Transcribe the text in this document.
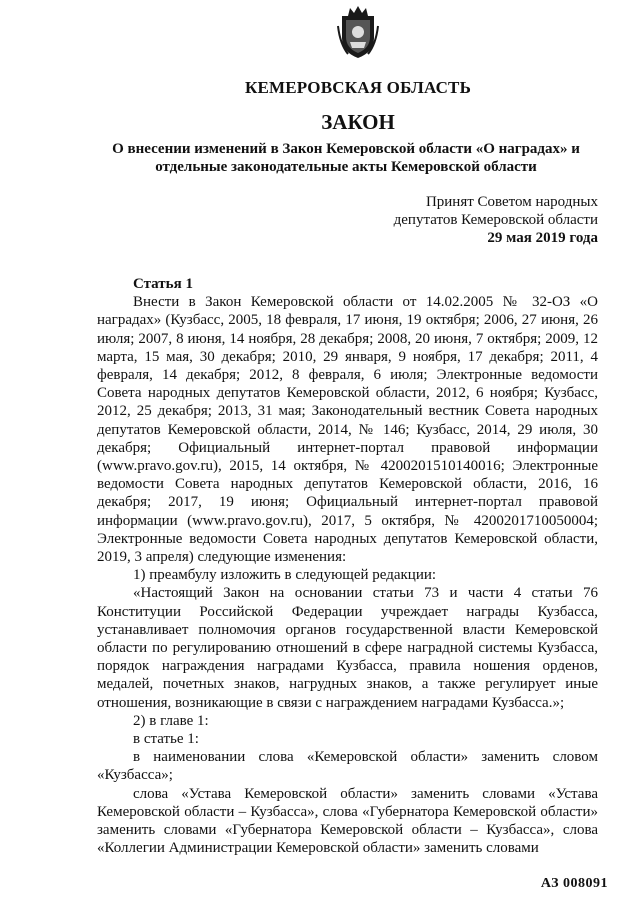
КЕМЕРОВСКАЯ ОБЛАСТЬ
ЗАКОН
О внесении изменений в Закон Кемеровской области «О наградах» и
отдельные законодательные акты Кемеровской области
Принят Советом народных
депутатов Кемеровской области
29 мая 2019 года

Статья 1

Внести в Закон Кемеровской области от 14.02.2005 № 32-ОЗ «О наградах» (Кузбасс, 2005, 18 февраля, 17 июня, 19 октября; 2006, 27 июня, 26 июля; 2007, 8 июня, 14 ноября, 28 декабря; 2008, 20 июня, 7 октября; 2009, 12 марта, 15 мая, 30 декабря; 2010, 29 января, 9 ноября, 17 декабря; 2011, 4 февраля, 14 декабря; 2012, 8 февраля, 6 июля; Электронные ведомости Совета народных депутатов Кемеровской области, 2012, 6 ноября; Кузбасс, 2012, 25 декабря; 2013, 31 мая; Законодательный вестник Совета народных депутатов Кемеровской области, 2014, № 146; Кузбасс, 2014, 29 июля, 30 декабря; Официальный интернет-портал правовой информации (www.pravo.gov.ru), 2015, 14 октября, № 4200201510140016; Электронные ведомости Совета народных депутатов Кемеровской области, 2016, 16 декабря; 2017, 19 июня; Официальный интернет-портал правовой информации (www.pravo.gov.ru), 2017, 5 октября, № 4200201710050004; Электронные ведомости Совета народных депутатов Кемеровской области, 2019, 3 апреля) следующие изменения:

1) преамбулу изложить в следующей редакции:

«Настоящий Закон на основании статьи 73 и части 4 статьи 76 Конституции Российской Федерации учреждает награды Кузбасса, устанавливает полномочия органов государственной власти Кемеровской области по регулированию отношений в сфере наградной системы Кузбасса, порядок награждения наградами Кузбасса, правила ношения орденов, медалей, почетных знаков, нагрудных знаков, а также регулирует иные отношения, возникающие в связи с награждением наградами Кузбасса.»;

2) в главе 1:

в статье 1:

в наименовании слова «Кемеровской области» заменить словом «Кузбасса»;

слова «Устава Кемеровской области» заменить словами «Устава Кемеровской области – Кузбасса», слова «Губернатора Кемеровской области» заменить словами «Губернатора Кемеровской области – Кузбасса», слова «Коллегии Администрации Кемеровской области» заменить словами

АЗ 008091
